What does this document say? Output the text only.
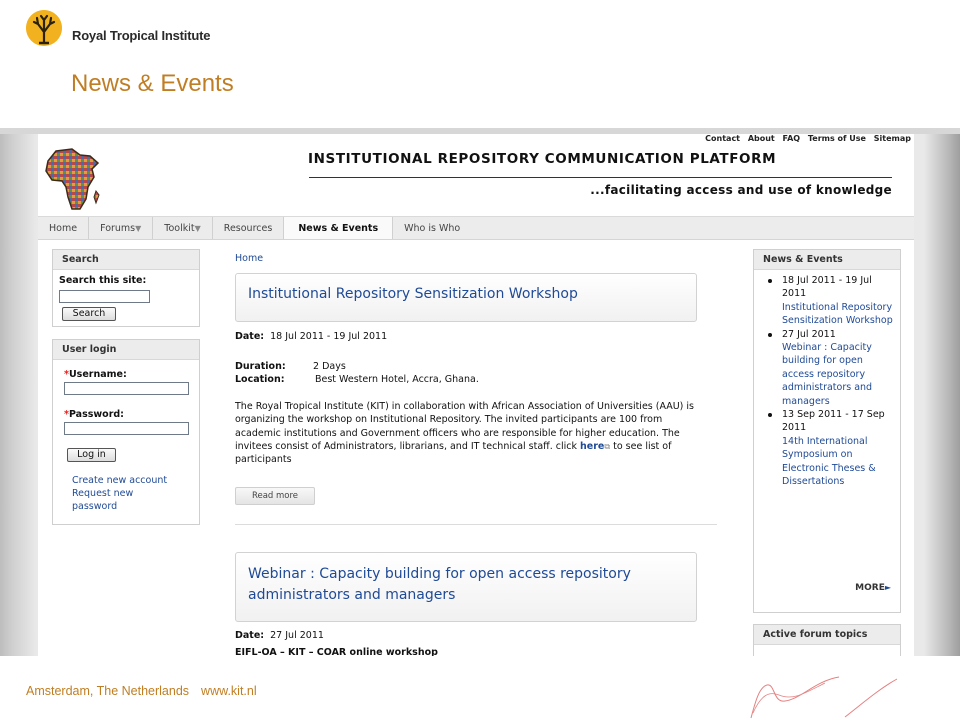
Royal Tropical Institute
News & Events
Contact About FAQ Terms of Use Sitemap
INSTITUTIONAL REPOSITORY COMMUNICATION PLATFORM
...facilitating access and use of knowledge
Home	Forums▼	Toolkit▼	Resources	News & Events	Who is Who
Search
Search this site:
Search
User login
*Username:
*Password:
Log in
Create new account
Request new
password
Home
Institutional Repository Sensitization Workshop
Date: 18 Jul 2011 - 19 Jul 2011
Duration:	2 Days
Location:	Best Western Hotel, Accra, Ghana.
The Royal Tropical Institute (KIT) in collaboration with African Association of Universities (AAU) is organizing the workshop on Institutional Repository. The invited participants are 100 from academic institutions and Government officers who are responsible for higher education. The invitees consist of Administrators, librarians, and IT technical staff. click here⧉ to see list of participants
Read more
Webinar : Capacity building for open access repository
administrators and managers
Date: 27 Jul 2011
EIFL-OA – KIT – COAR online workshop
News & Events
18 Jul 2011 - 19 Jul 2011
Institutional Repository Sensitization Workshop
27 Jul 2011
Webinar : Capacity building for open access repository administrators and managers
13 Sep 2011 - 17 Sep 2011
14th International Symposium on Electronic Theses & Dissertations
MORE►
Active forum topics
Amsterdam, The Netherlands www.kit.nl
